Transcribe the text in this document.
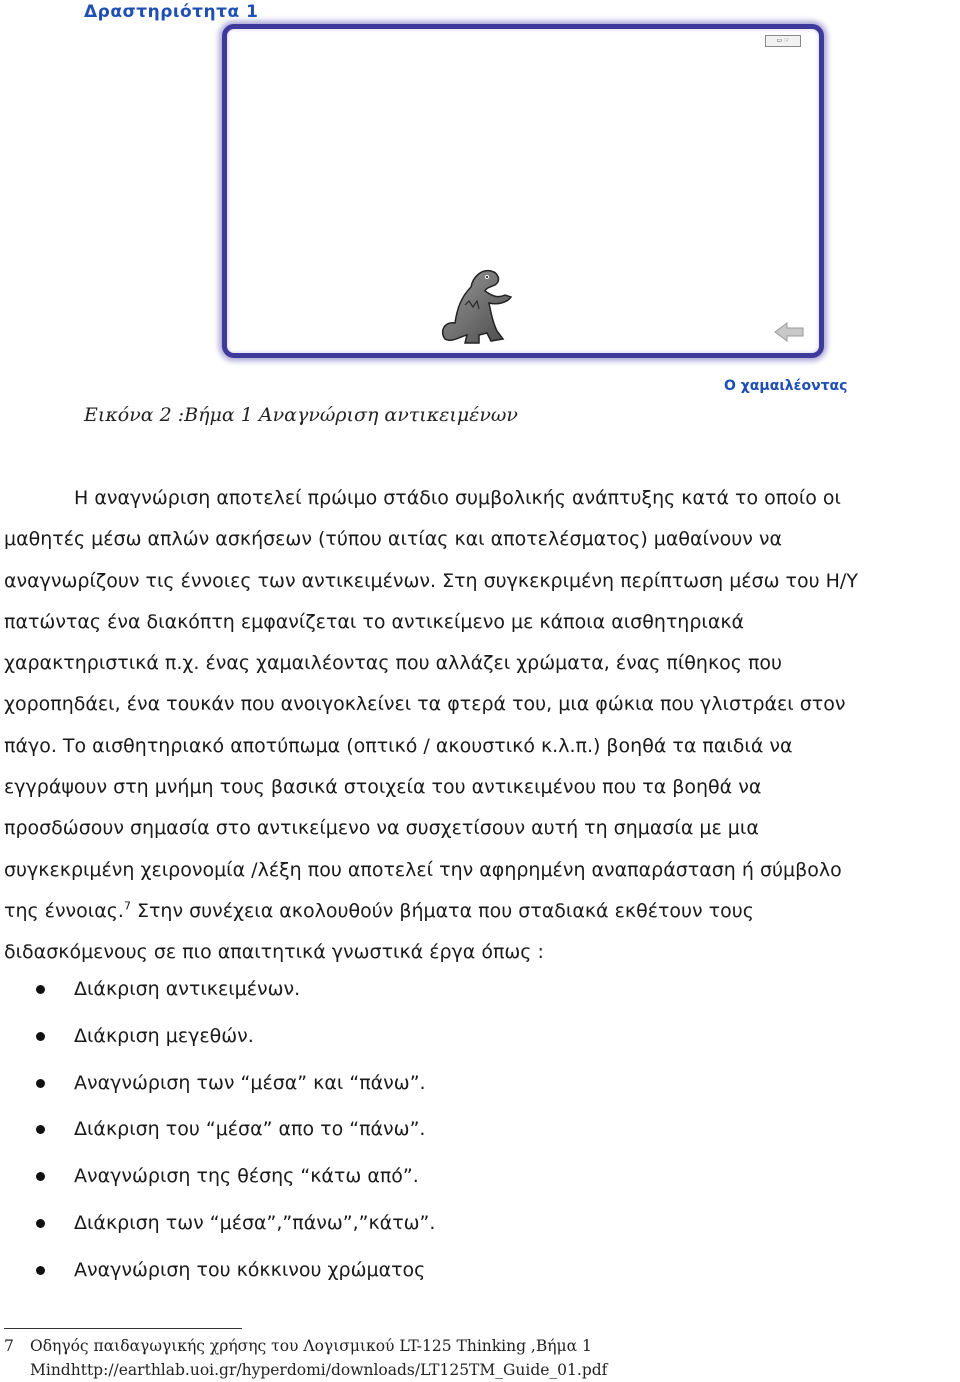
Δραστηριότητα 1
▭ ☞
Ο χαμαιλέοντας
Εικόνα 2 :Βήμα 1 Αναγνώριση αντικειμένων

Η αναγνώριση αποτελεί πρώιμο στάδιο συμβολικής ανάπτυξης κατά το οποίο οι
μαθητές μέσω απλών ασκήσεων (τύπου αιτίας και αποτελέσματος) μαθαίνουν να
αναγνωρίζουν τις έννοιες των αντικειμένων. Στη συγκεκριμένη περίπτωση μέσω του Η/Υ
πατώντας ένα διακόπτη εμφανίζεται το αντικείμενο με κάποια αισθητηριακά
χαρακτηριστικά π.χ. ένας χαμαιλέοντας που αλλάζει χρώματα, ένας πίθηκος που
χοροπηδάει, ένα τουκάν που ανοιγοκλείνει τα φτερά του, μια φώκια που γλιστράει στον
πάγο. Το αισθητηριακό αποτύπωμα (οπτικό / ακουστικό κ.λ.π.) βοηθά τα παιδιά να
εγγράψουν στη μνήμη τους βασικά στοιχεία του αντικειμένου που τα βοηθά να
προσδώσουν σημασία στο αντικείμενο να συσχετίσουν αυτή τη σημασία με μια
συγκεκριμένη χειρονομία /λέξη που αποτελεί την αφηρημένη αναπαράσταση ή σύμβολο
της έννοιας.$^7$ Στην συνέχεια ακολουθούν βήματα που σταδιακά εκθέτουν τους
διδασκόμενους σε πιο απαιτητικά γνωστικά έργα όπως :

Διάκριση αντικειμένων.
Διάκριση μεγεθών.
Αναγνώριση των “μέσα” και “πάνω”.
Διάκριση του “μέσα” απο το “πάνω”.
Αναγνώριση της θέσης “κάτω από”.
Διάκριση των “μέσα”,”πάνω”,”κάτω”.
Αναγνώριση του κόκκινου χρώματος

7 Οδηγός παιδαγωγικής χρήσης του Λογισμικού LT-125 Thinking ,Βήμα 1
Mindhttp://earthlab.uoi.gr/hyperdomi/downloads/LT125TM_Guide_01.pdf
